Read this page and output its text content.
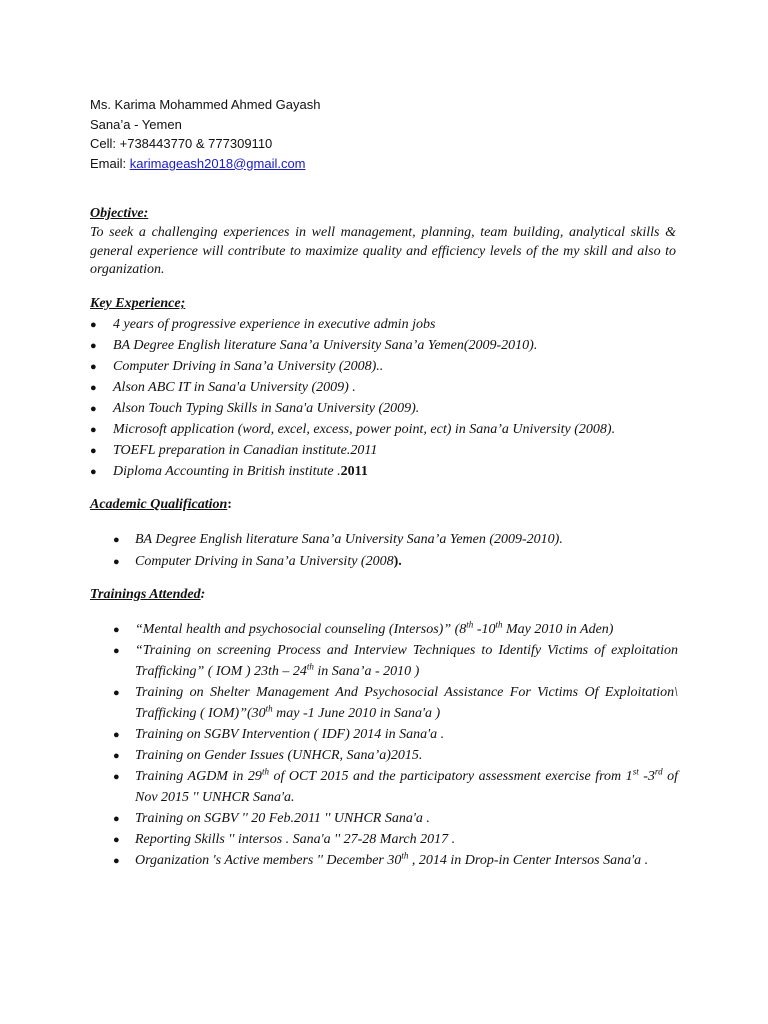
Ms. Karima Mohammed Ahmed Gayash
Sana’a - Yemen
Cell: +738443770 & 777309110
Email: karimageash2018@gmail.com
Objective:
To seek a challenging experiences in well management, planning, team building, analytical skills & general experience will contribute to maximize quality and efficiency levels of the my skill and also to organization.
Key Experience;
● 4 years of progressive experience in executive admin jobs
● BA Degree English literature Sana’a University Sana’a Yemen(2009-2010).
● Computer Driving in Sana’a University (2008)..
● Alson ABC IT in Sana'a University (2009) .
● Alson Touch Typing Skills in Sana'a University (2009).
● Microsoft application (word, excel, excess, power point, ect) in Sana’a University (2008).
● TOEFL preparation in Canadian institute.2011
● Diploma Accounting in British institute .2011
Academic Qualification:
● BA Degree English literature Sana’a University Sana’a Yemen (2009-2010).
● Computer Driving in Sana’a University (2008).
Trainings Attended:
● “Mental health and psychosocial counseling (Intersos)” (8th -10th May 2010 in Aden)
● “Training on screening Process and Interview Techniques to Identify Victims of exploitation Trafficking” ( IOM ) 23th – 24th in Sana’a - 2010 )
● Training on Shelter Management And Psychosocial Assistance For Victims Of Exploitation\ Trafficking ( IOM)”(30th may -1 June 2010 in Sana'a )
● Training on SGBV Intervention ( IDF) 2014 in Sana'a .
● Training on Gender Issues (UNHCR, Sana’a)2015.
● Training AGDM in 29th of OCT 2015 and the participatory assessment exercise from 1st -3rd of Nov 2015 '' UNHCR Sana'a.
● Training on SGBV '' 20 Feb.2011 '' UNHCR Sana'a .
● Reporting Skills '' intersos . Sana'a '' 27-28 March 2017 .
● Organization 's Active members '' December 30th , 2014 in Drop-in Center Intersos Sana'a .
